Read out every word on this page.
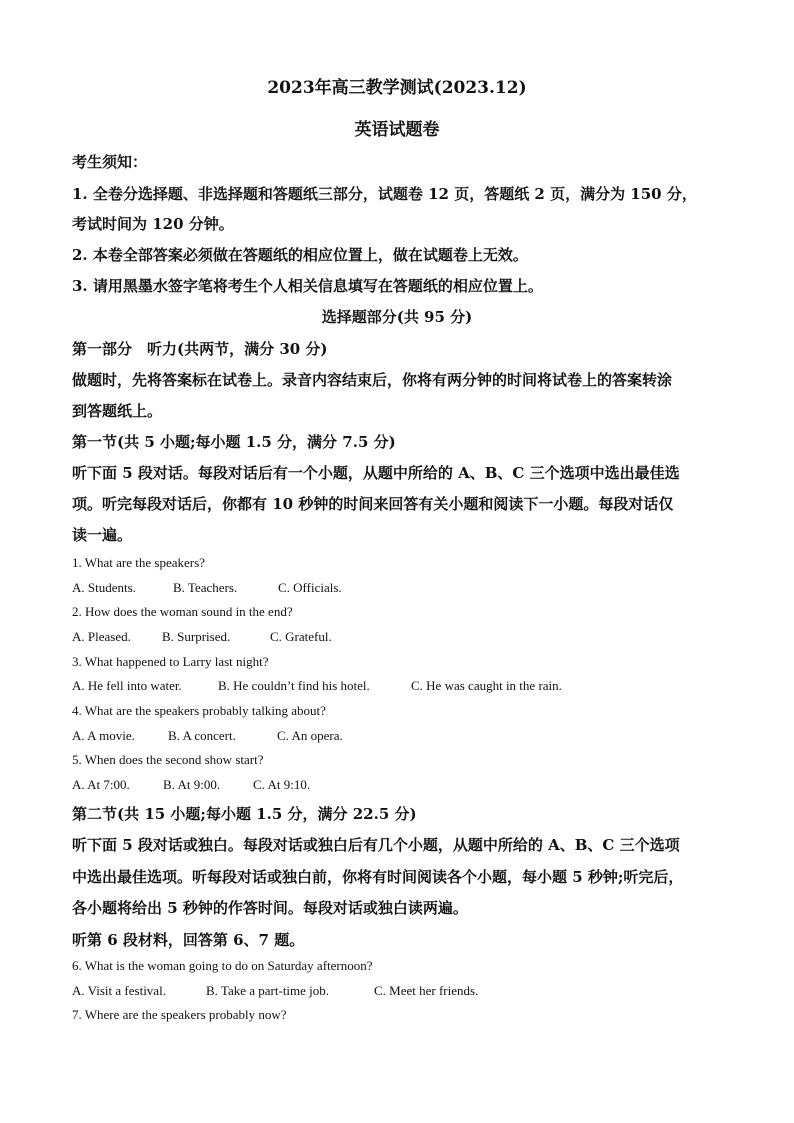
2023年高三教学测试(2023.12)
英语试题卷
考生须知：
1. 全卷分选择题、非选择题和答题纸三部分，试题卷 12 页，答题纸 2 页，满分为 150 分，
考试时间为 120 分钟。
2. 本卷全部答案必须做在答题纸的相应位置上，做在试题卷上无效。
3. 请用黑墨水签字笔将考生个人相关信息填写在答题纸的相应位置上。
选择题部分(共 95 分)
第一部分　听力(共两节，满分 30 分)
做题时，先将答案标在试卷上。录音内容结束后，你将有两分钟的时间将试卷上的答案转涂
到答题纸上。
第一节(共 5 小题;每小题 1.5 分，满分 7.5 分)
听下面 5 段对话。每段对话后有一个小题，从题中所给的 A、B、C 三个选项中选出最佳选
项。听完每段对话后，你都有 10 秒钟的时间来回答有关小题和阅读下一小题。每段对话仅
读一遍。
1. What are the speakers?
A. Students.	B. Teachers.	C. Officials.
2. How does the woman sound in the end?
A. Pleased. B. Surprised.	C. Grateful.
3. What happened to Larry last night?
A. He fell into water.	B. He couldn’t find his hotel.	C. He was caught in the rain.
4. What are the speakers probably talking about?
A. A movie.	B. A concert.	C. An opera.
5. When does the second show start?
A. At 7:00.	B. At 9:00.	C. At 9:10.
第二节(共 15 小题;每小题 1.5 分，满分 22.5 分)
听下面 5 段对话或独白。每段对话或独白后有几个小题，从题中所给的 A、B、C 三个选项
中选出最佳选项。听每段对话或独白前，你将有时间阅读各个小题，每小题 5 秒钟;听完后，
各小题将给出 5 秒钟的作答时间。每段对话或独白读两遍。
听第 6 段材料，回答第 6、7 题。
6. What is the woman going to do on Saturday afternoon?
A. Visit a festival.	B. Take a part-time job.	C. Meet her friends.
7. Where are the speakers probably now?
